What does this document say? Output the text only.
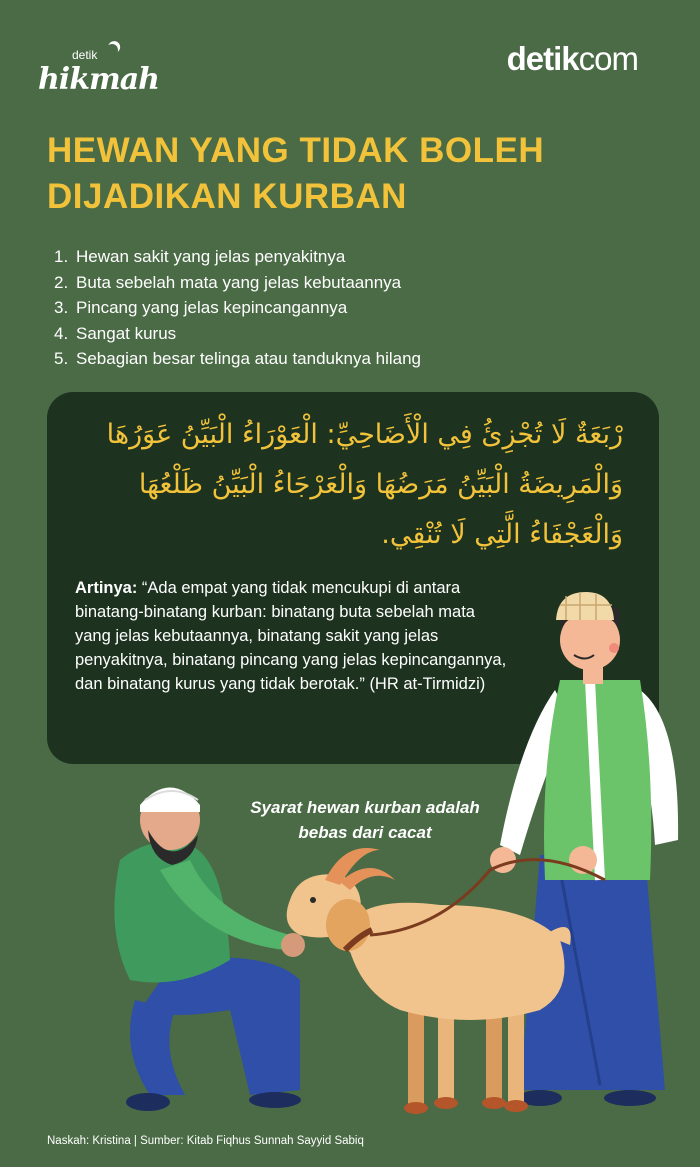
detik
hikmah
detikcom
HEWAN YANG TIDAK BOLEH DIJADIKAN KURBAN
1. Hewan sakit yang jelas penyakitnya
2. Buta sebelah mata yang jelas kebutaannya
3. Pincang yang jelas kepincangannya
4. Sangat kurus
5. Sebagian besar telinga atau tanduknya hilang

رْبَعَةٌ لَا تُجْزِئُ فِي الْأَضَاحِيِّ: الْعَوْرَاءُ الْبَيِّنُ عَوَرُهَا وَالْمَرِيضَةُ الْبَيِّنُ مَرَضُهَا وَالْعَرْجَاءُ الْبَيِّنُ ظَلْعُهَا وَالْعَجْفَاءُ الَّتِي لَا تُنْقِي.

Artinya: “Ada empat yang tidak mencukupi di antara binatang-binatang kurban: binatang buta sebelah mata yang jelas kebutaannya, binatang sakit yang jelas penyakitnya, binatang pincang yang jelas kepincangannya, dan binatang kurus yang tidak berotak.” (HR at-Tirmidzi)

Syarat hewan kurban adalah bebas dari cacat

Naskah: Kristina | Sumber: Kitab Fiqhus Sunnah Sayyid Sabiq
